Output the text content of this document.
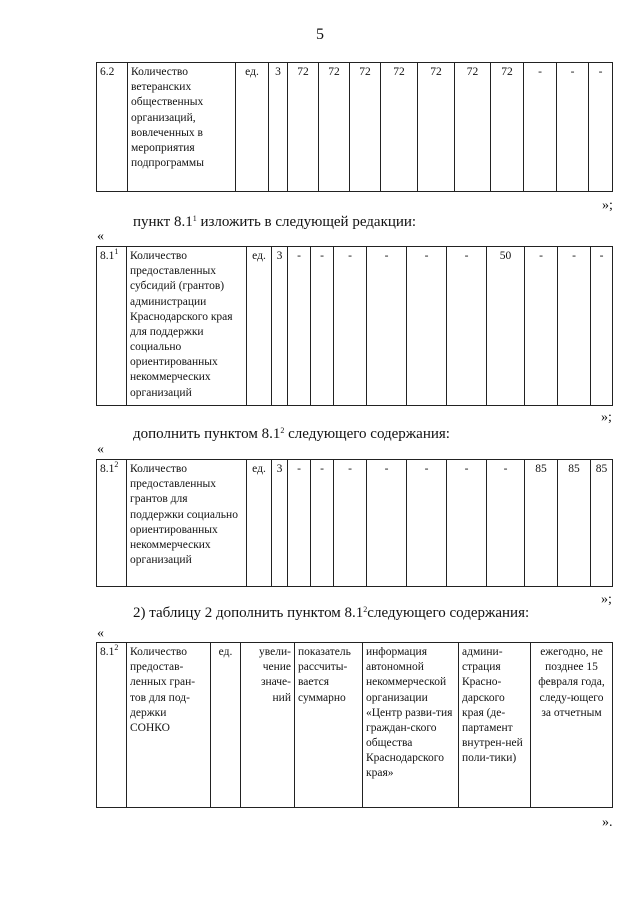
5
6.2	Количество ветеранских общественных организаций, вовлеченных в мероприятия подпрограммы	ед.	3	72	72	72	72	72	72	72	-	-	-
»;
пункт $8.1^1$ изложить в следующей редакции:
«
$8.1^1$	Количество предоставленных субсидий (грантов) администрации Краснодарского края для поддержки социально ориентированных некоммерческих организаций	ед.	3	-	-	-	-	-	-	50	-	-	-
»;
дополнить пунктом $8.1^2$ следующего содержания:
«
$8.1^2$	Количество предоставленных грантов для поддержки социально ориентированных некоммерческих организаций	ед.	3	-	-	-	-	-	-	-	85	85	85
»;
2) таблицу 2 дополнить пунктом $8.1^2следующего$ содержания:
«
$8.1^2$	Количество предостав-ленных гран-тов для под-держки СОНКО	ед.	увели-чение значе-ний	показатель рассчиты-вается суммарно	информация автономной некоммерческой организации «Центр разви-тия граждан-ского общества Краснодарского края»	админи-страция Красно-дарского края (де-партамент внутрен-ней поли-тики)	ежегодно, не позднее 15 февраля года, следу-ющего за отчетным
».
